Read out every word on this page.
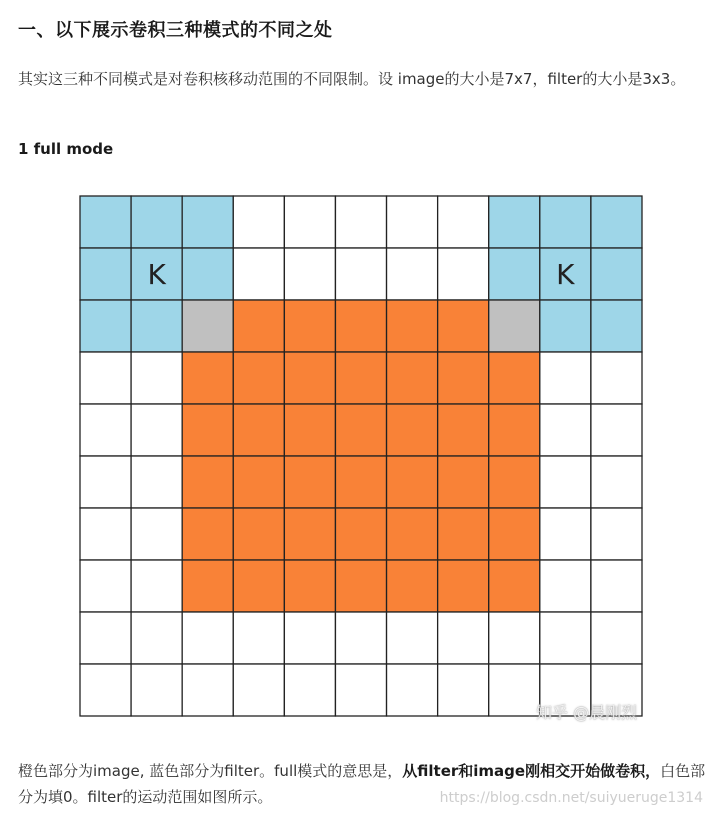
一、以下展示卷积三种模式的不同之处
其实这三种不同模式是对卷积核移动范围的不同限制。设 image的大小是7x7，filter的大小是3x3。
1 full mode
K	K
知乎 @晨刚烈
橙色部分为image, 蓝色部分为filter。full模式的意思是，从filter和image刚相交开始做卷积，白色部分为填0。filter的运动范围如图所示。	https://blog.csdn.net/suiyueruge1314
